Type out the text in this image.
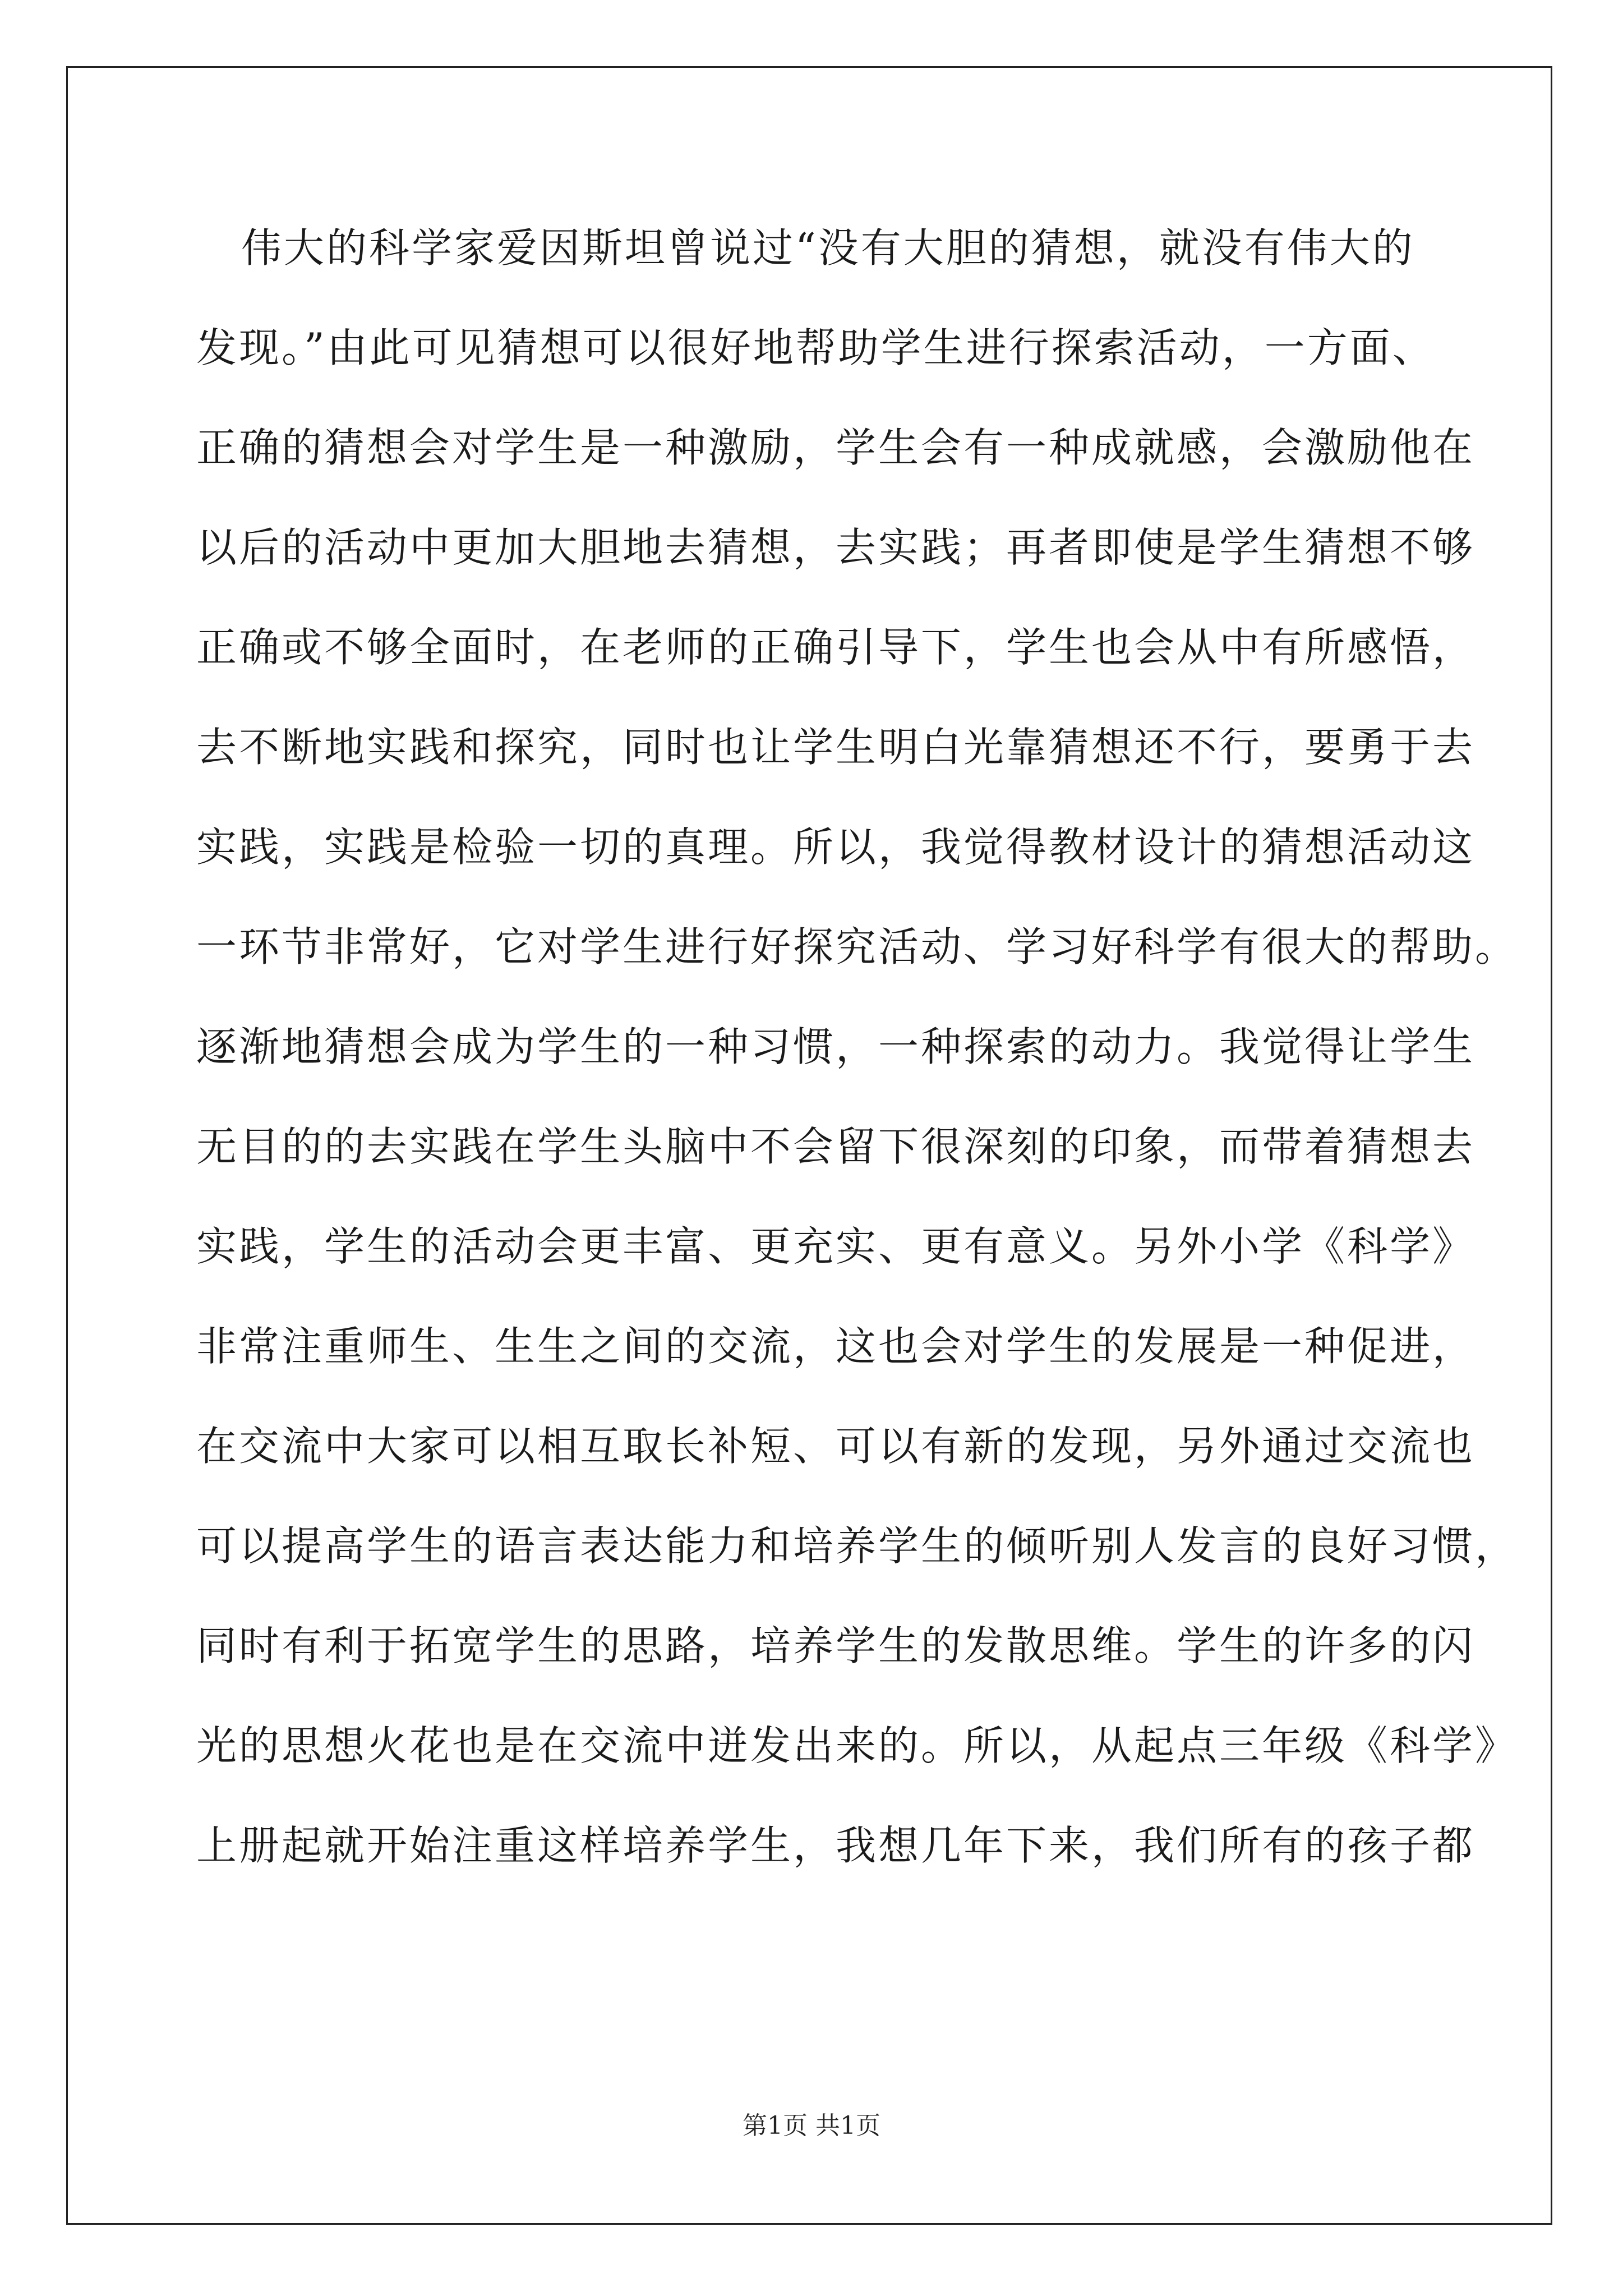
伟大的科学家爱因斯坦曾说过“没有大胆的猜想，就没有伟大的
发现。”由此可见猜想可以很好地帮助学生进行探索活动，一方面、
正确的猜想会对学生是一种激励，学生会有一种成就感，会激励他在
以后的活动中更加大胆地去猜想，去实践；再者即使是学生猜想不够
正确或不够全面时，在老师的正确引导下，学生也会从中有所感悟，
去不断地实践和探究，同时也让学生明白光靠猜想还不行，要勇于去
实践，实践是检验一切的真理。所以，我觉得教材设计的猜想活动这
一环节非常好，它对学生进行好探究活动、学习好科学有很大的帮助。
逐渐地猜想会成为学生的一种习惯，一种探索的动力。我觉得让学生
无目的的去实践在学生头脑中不会留下很深刻的印象，而带着猜想去
实践，学生的活动会更丰富、更充实、更有意义。另外小学《科学》
非常注重师生、生生之间的交流，这也会对学生的发展是一种促进，
在交流中大家可以相互取长补短、可以有新的发现，另外通过交流也
可以提高学生的语言表达能力和培养学生的倾听别人发言的良好习惯，
同时有利于拓宽学生的思路，培养学生的发散思维。学生的许多的闪
光的思想火花也是在交流中迸发出来的。所以，从起点三年级《科学》
上册起就开始注重这样培养学生，我想几年下来，我们所有的孩子都
第1页 共1页
